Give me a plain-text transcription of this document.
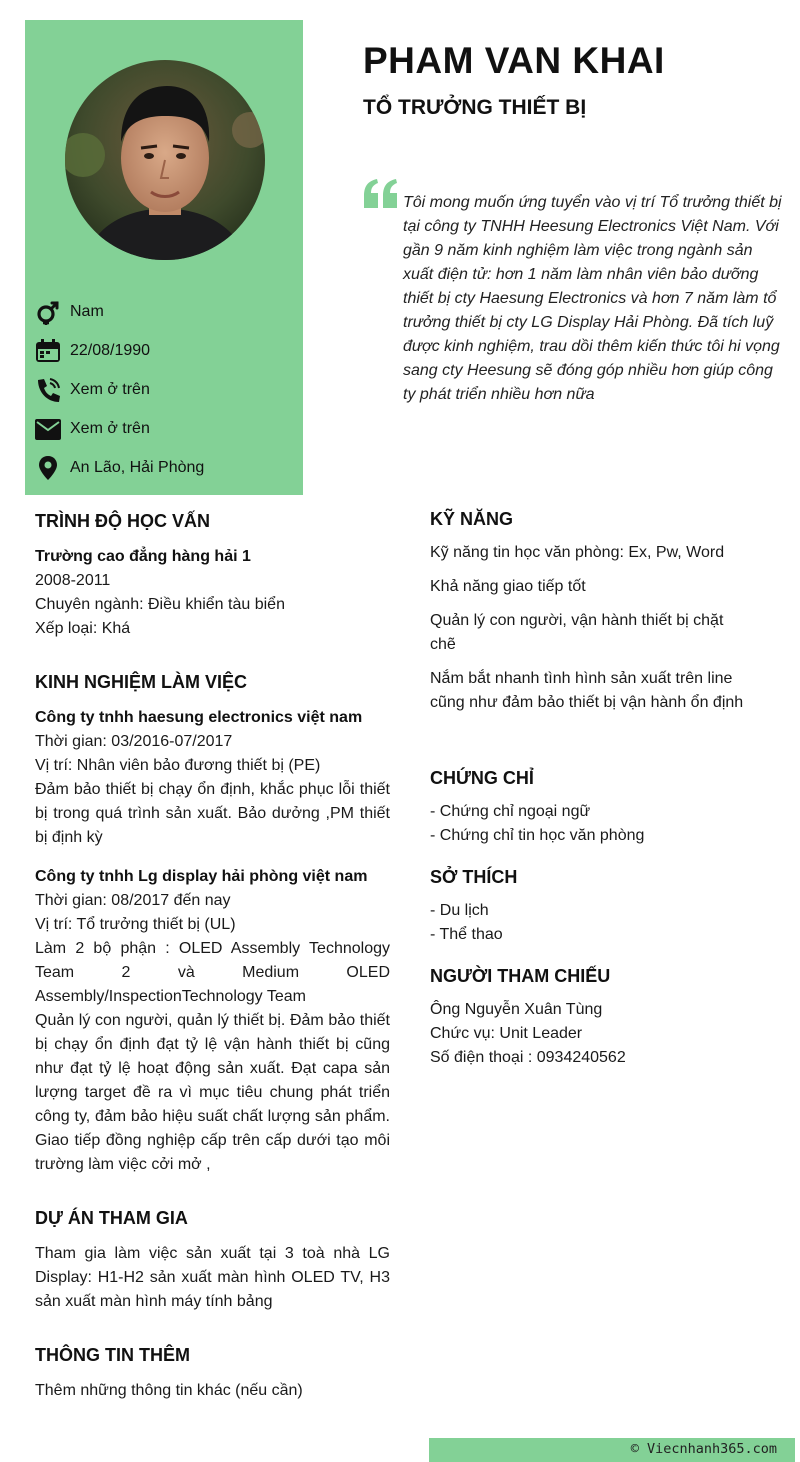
Nam
22/08/1990
Xem ở trên
Xem ở trên
An Lão, Hải Phòng
PHAM VAN KHAI
TỔ TRƯỞNG THIẾT BỊ
Tôi mong muốn ứng tuyển vào vị trí Tổ trưởng thiết bị tại công ty TNHH Heesung Electronics Việt Nam. Với gần 9 năm kinh nghiệm làm việc trong ngành sản xuất điện tử: hơn 1 năm làm nhân viên bảo dưỡng thiết bị cty Haesung Electronics và hơn 7 năm làm tổ trưởng thiết bị cty LG Display Hải Phòng. Đã tích luỹ được kinh nghiệm, trau dồi thêm kiến thức tôi hi vọng sang cty Heesung sẽ đóng góp nhiều hơn giúp công ty phát triển nhiều hơn nữa
TRÌNH ĐỘ HỌC VẤN
Trường cao đẳng hàng hải 1
2008-2011
Chuyên ngành: Điều khiển tàu biển
Xếp loại: Khá
KINH NGHIỆM LÀM VIỆC
Công ty tnhh haesung electronics việt nam
Thời gian: 03/2016-07/2017
Vị trí: Nhân viên bảo đương thiết bị (PE)
Đảm bảo thiết bị chạy ổn định, khắc phục lỗi thiết bị trong quá trình sản xuất. Bảo dưởng ,PM thiết bị định kỳ
Công ty tnhh Lg display hải phòng việt nam
Thời gian: 08/2017 đến nay
Vị trí: Tổ trưởng thiết bị (UL)
Làm 2 bộ phận : OLED Assembly Technology Team 2 và Medium OLED Assembly/InspectionTechnology Team
Quản lý con người, quản lý thiết bị. Đảm bảo thiết bị chạy ổn định đạt tỷ lệ vận hành thiết bị cũng như đạt tỷ lệ hoạt động sản xuất. Đạt capa sản lượng target đề ra vì mục tiêu chung phát triển công ty, đảm bảo hiệu suất chất lượng sản phẩm. Giao tiếp đồng nghiệp cấp trên cấp dưới tạo môi trường làm việc cởi mở ,
DỰ ÁN THAM GIA
Tham gia làm việc sản xuất tại 3 toà nhà LG Display: H1-H2 sản xuất màn hình OLED TV, H3 sản xuất màn hình máy tính bảng
THÔNG TIN THÊM
Thêm những thông tin khác (nếu cần)
KỸ NĂNG
Kỹ năng tin học văn phòng: Ex, Pw, Word
Khả năng giao tiếp tốt
Quản lý con người, vận hành thiết bị chặt chẽ
Nắm bắt nhanh tình hình sản xuất trên line cũng như đảm bảo thiết bị vận hành ổn định
CHỨNG CHỈ
- Chứng chỉ ngoại ngữ
- Chứng chỉ tin học văn phòng
SỞ THÍCH
- Du lịch
- Thể thao
NGƯỜI THAM CHIẾU
Ông Nguyễn Xuân Tùng
Chức vụ: Unit Leader
Số điện thoại : 0934240562
© Viecnhanh365.com
